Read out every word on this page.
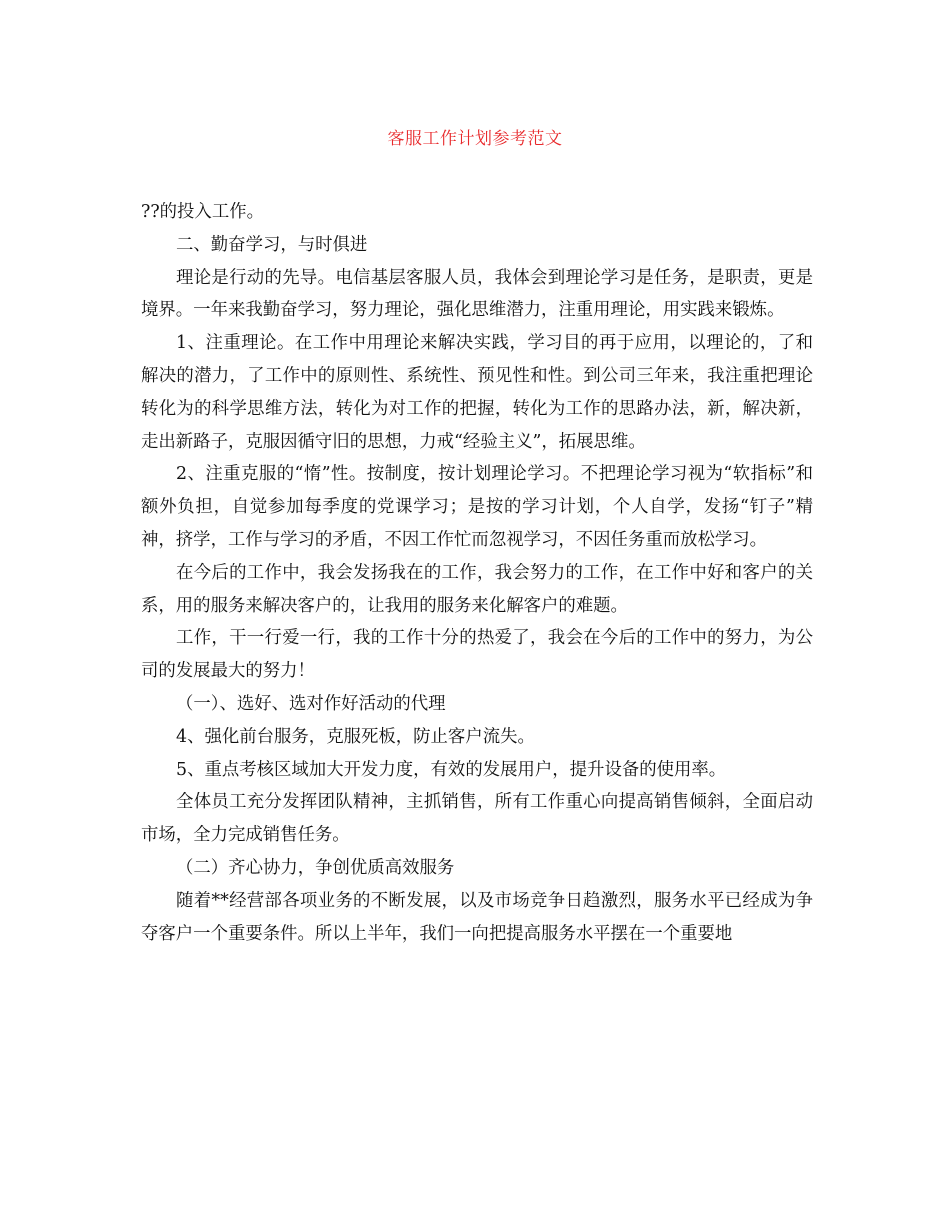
客服工作计划参考范文

??的投入工作。

二、勤奋学习，与时俱进

理论是行动的先导。电信基层客服人员，我体会到理论学习是任务，是职责，更是境界。一年来我勤奋学习，努力理论，强化思维潜力，注重用理论，用实践来锻炼。

1、注重理论。在工作中用理论来解决实践，学习目的再于应用，以理论的，了和解决的潜力，了工作中的原则性、系统性、预见性和性。到公司三年来，我注重把理论转化为的科学思维方法，转化为对工作的把握，转化为工作的思路办法，新，解决新，走出新路子，克服因循守旧的思想，力戒“经验主义”，拓展思维。

2、注重克服的“惰”性。按制度，按计划理论学习。不把理论学习视为“软指标”和额外负担，自觉参加每季度的党课学习；是按的学习计划，个人自学，发扬“钉子”精神，挤学，工作与学习的矛盾，不因工作忙而忽视学习，不因任务重而放松学习。

在今后的工作中，我会发扬我在的工作，我会努力的工作，在工作中好和客户的关系，用的服务来解决客户的，让我用的服务来化解客户的难题。

工作，干一行爱一行，我的工作十分的热爱了，我会在今后的工作中的努力，为公司的发展最大的努力！

（一）、选好、选对作好活动的代理

4、强化前台服务，克服死板，防止客户流失。

5、重点考核区域加大开发力度，有效的发展用户，提升设备的使用率。

全体员工充分发挥团队精神，主抓销售，所有工作重心向提高销售倾斜，全面启动市场，全力完成销售任务。

（二）齐心协力，争创优质高效服务

随着**经营部各项业务的不断发展，以及市场竞争日趋激烈，服务水平已经成为争夺客户一个重要条件。所以上半年，我们一向把提高服务水平摆在一个重要地
